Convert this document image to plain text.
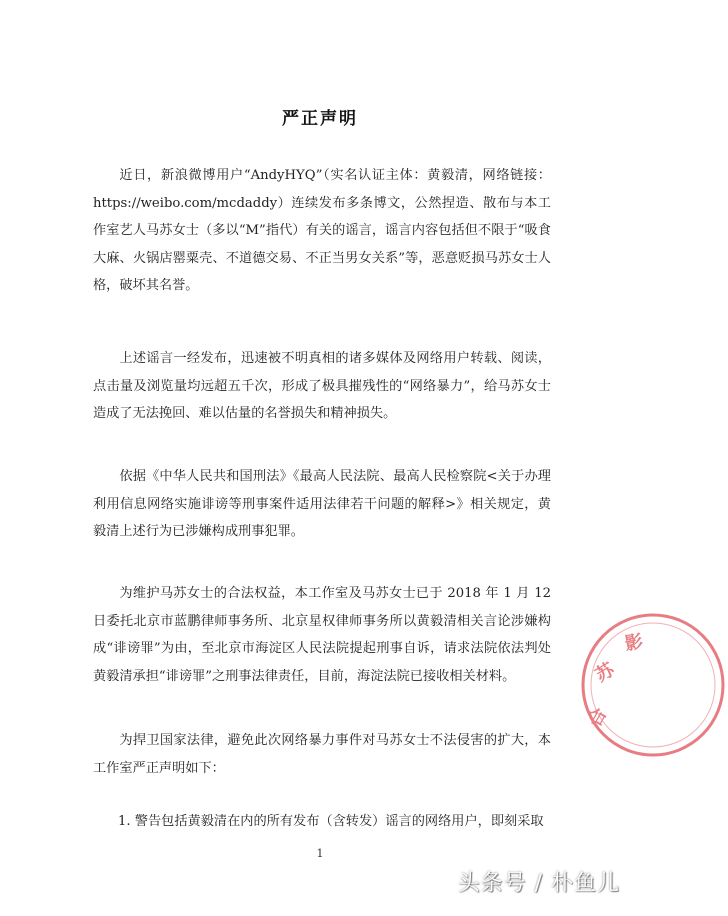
严正声明

近日，新浪微博用户“AndyHYQ”（实名认证主体：黄毅清，网络链接：https://weibo.com/mcdaddy）连续发布多条博文，公然捏造、散布与本工作室艺人马苏女士（多以“M”指代）有关的谣言，谣言内容包括但不限于“吸食大麻、火锅店罂粟壳、不道德交易、不正当男女关系”等，恶意贬损马苏女士人格，破坏其名誉。

上述谣言一经发布，迅速被不明真相的诸多媒体及网络用户转载、阅读，点击量及浏览量均远超五千次，形成了极具摧残性的“网络暴力”，给马苏女士造成了无法挽回、难以估量的名誉损失和精神损失。

依据《中华人民共和国刑法》《最高人民法院、最高人民检察院<关于办理利用信息网络实施诽谤等刑事案件适用法律若干问题的解释>》相关规定，黄毅清上述行为已涉嫌构成刑事犯罪。

为维护马苏女士的合法权益，本工作室及马苏女士已于 2018 年 1 月 12 日委托北京市蓝鹏律师事务所、北京星权律师事务所以黄毅清相关言论涉嫌构成“诽谤罪”为由，至北京市海淀区人民法院提起刑事自诉，请求法院依法判处黄毅清承担“诽谤罪”之刑事法律责任，目前，海淀法院已接收相关材料。

为捍卫国家法律，避免此次网络暴力事件对马苏女士不法侵害的扩大，本工作室严正声明如下：

1. 警告包括黄毅清在内的所有发布（含转发）谣言的网络用户，即刻采取

1
合
苏
影
头条号 / 朴鱼儿
